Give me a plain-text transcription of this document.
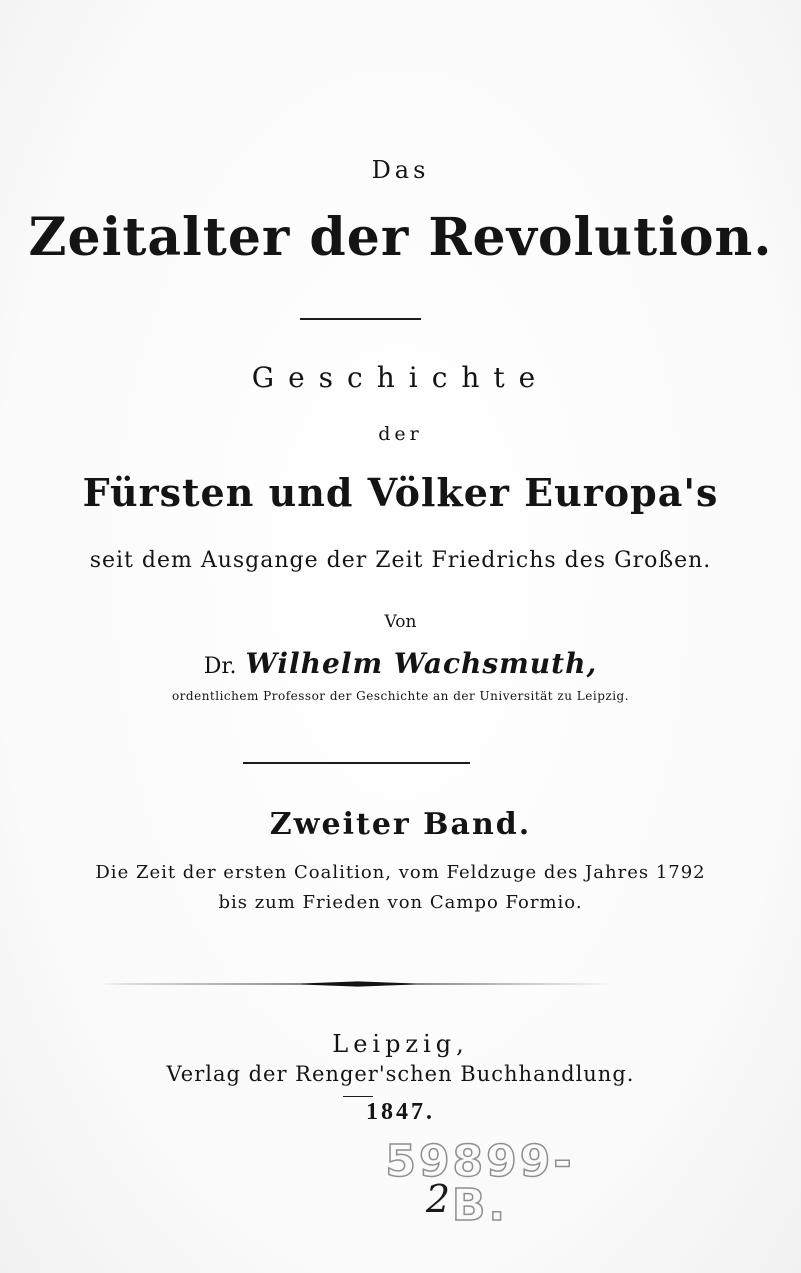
Das
Zeitalter der Revolution.
Geschichte
der
Fürsten und Völker Europa's
seit dem Ausgange der Zeit Friedrichs des Großen.
Von
Dr. Wilhelm Wachsmuth,
ordentlichem Professor der Geschichte an der Universität zu Leipzig.
Zweiter Band.
Die Zeit der ersten Coalition, vom Feldzuge des Jahres 1792
bis zum Frieden von Campo Formio.
Leipzig,
Verlag der Renger'schen Buchhandlung.
1847.
59899-B.
2
